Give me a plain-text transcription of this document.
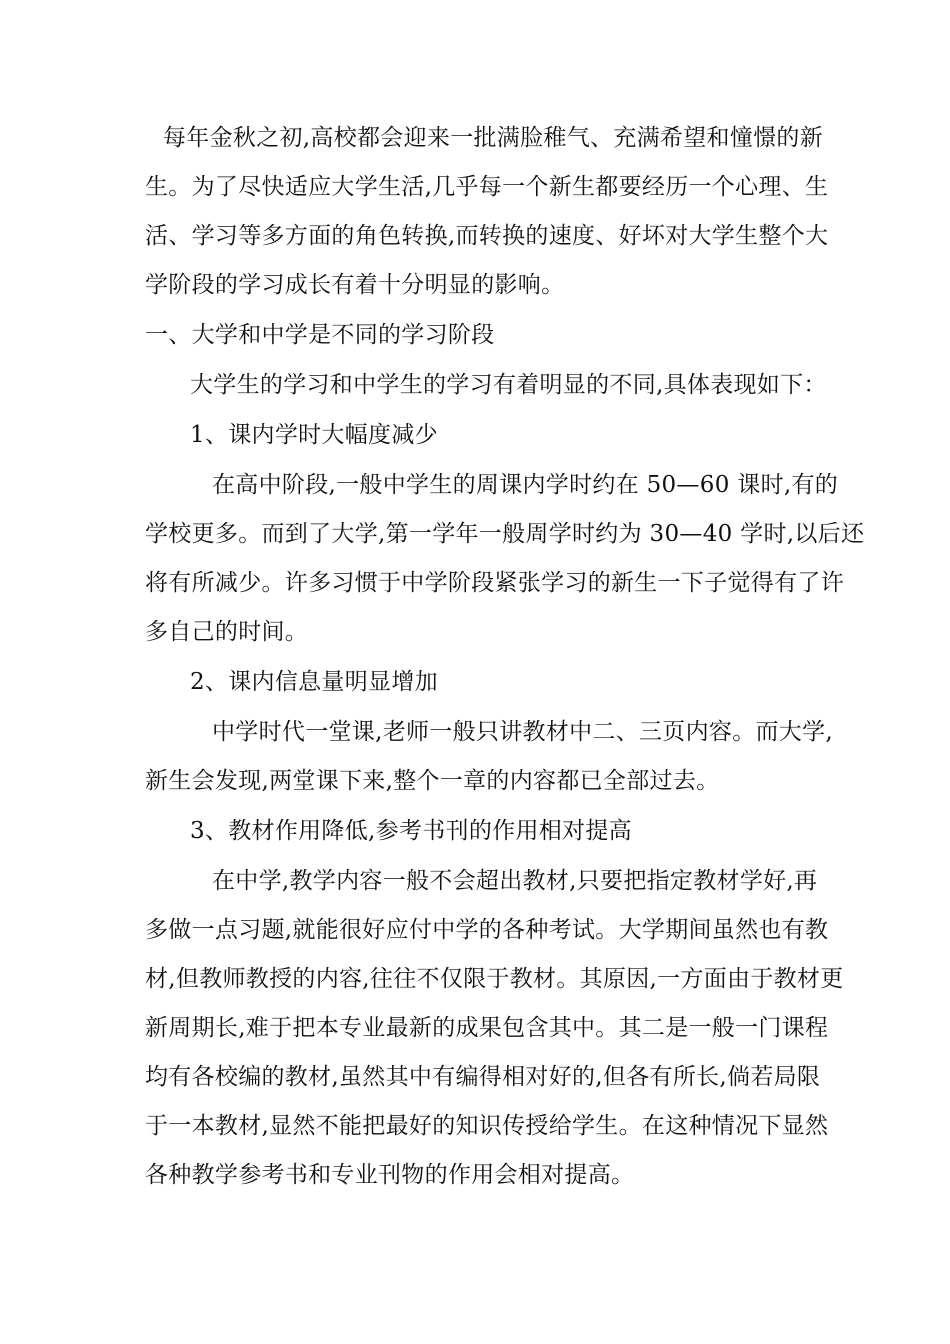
每年金秋之初,高校都会迎来一批满脸稚气、充满希望和憧憬的新
生。为了尽快适应大学生活,几乎每一个新生都要经历一个心理、生
活、学习等多方面的角色转换,而转换的速度、好坏对大学生整个大
学阶段的学习成长有着十分明显的影响。
一、大学和中学是不同的学习阶段
大学生的学习和中学生的学习有着明显的不同,具体表现如下：
1、课内学时大幅度减少
在高中阶段,一般中学生的周课内学时约在 50—60 课时,有的
学校更多。而到了大学,第一学年一般周学时约为 30—40 学时,以后还
将有所减少。许多习惯于中学阶段紧张学习的新生一下子觉得有了许
多自己的时间。
2、课内信息量明显增加
中学时代一堂课,老师一般只讲教材中二、三页内容。而大学,
新生会发现,两堂课下来,整个一章的内容都已全部过去。
3、教材作用降低,参考书刊的作用相对提高
在中学,教学内容一般不会超出教材,只要把指定教材学好,再
多做一点习题,就能很好应付中学的各种考试。大学期间虽然也有教
材,但教师教授的内容,往往不仅限于教材。其原因,一方面由于教材更
新周期长,难于把本专业最新的成果包含其中。其二是一般一门课程
均有各校编的教材,虽然其中有编得相对好的,但各有所长,倘若局限
于一本教材,显然不能把最好的知识传授给学生。在这种情况下显然
各种教学参考书和专业刊物的作用会相对提高。
